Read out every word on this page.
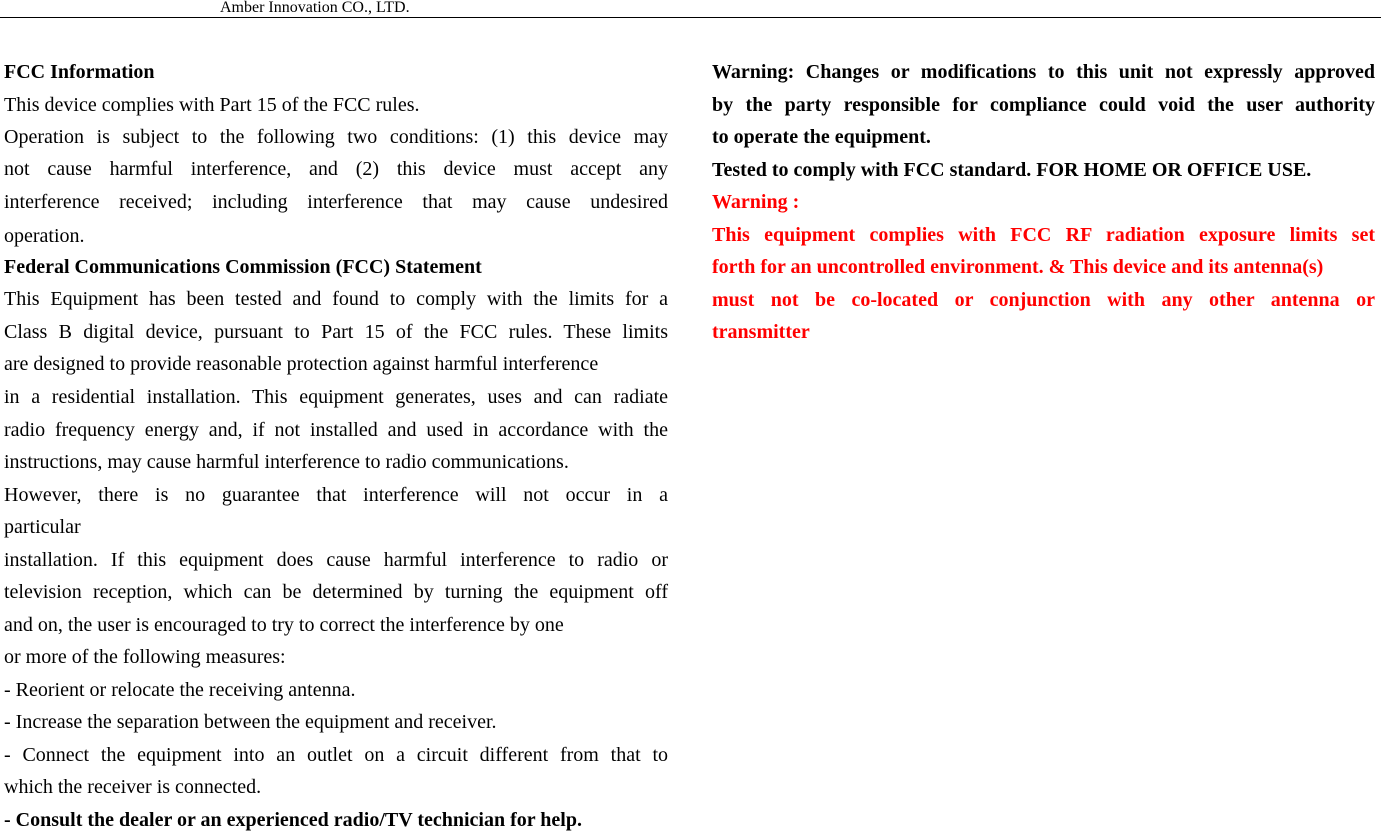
Amber Innovation CO., LTD.
FCC Information
This device complies with Part 15 of the FCC rules.
Operation is subject to the following two conditions: (1) this device may
not cause harmful interference, and (2) this device must accept any
interference received; including interference that may cause undesired
operation.
Federal Communications Commission (FCC) Statement
This Equipment has been tested and found to comply with the limits for a
Class B digital device, pursuant to Part 15 of the FCC rules. These limits
are designed to provide reasonable protection against harmful interference
in a residential installation. This equipment generates, uses and can radiate
radio frequency energy and, if not installed and used in accordance with the
instructions, may cause harmful interference to radio communications.
However, there is no guarantee that interference will not occur in a
particular
installation. If this equipment does cause harmful interference to radio or
television reception, which can be determined by turning the equipment off
and on, the user is encouraged to try to correct the interference by one
or more of the following measures:
- Reorient or relocate the receiving antenna.
- Increase the separation between the equipment and receiver.
- Connect the equipment into an outlet on a circuit different from that to
which the receiver is connected.
- Consult the dealer or an experienced radio/TV technician for help.
Warning: Changes or modifications to this unit not expressly approved
by the party responsible for compliance could void the user authority
to operate the equipment.
Tested to comply with FCC standard. FOR HOME OR OFFICE USE.
Warning :
This equipment complies with FCC RF radiation exposure limits set
forth for an uncontrolled environment. & This device and its antenna(s)
must not be co-located or conjunction with any other antenna or
transmitter
